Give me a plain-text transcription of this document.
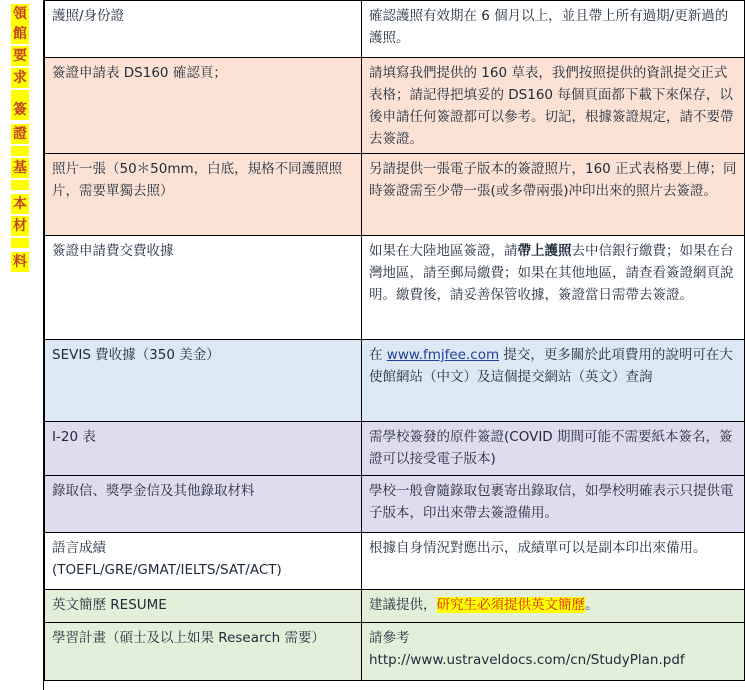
領
館
要
求
簽
證
基
本
材
料
護照/身份證	確認護照有效期在 6 個月以上，並且帶上所有過期/更新過的護照。
簽證申請表 DS160 確認頁；	請填寫我們提供的 160 草表，我們按照提供的資訊提交正式表格；請記得把填妥的 DS160 每個頁面都下載下來保存，以後申請任何簽證都可以參考。切記，根據簽證規定，請不要帶去簽證。
照片一張（50＊50mm，白底，規格不同護照照片，需要單獨去照）	另請提供一張電子版本的簽證照片，160 正式表格要上傳；同時簽證需至少帶一張(或多帶兩張)冲印出來的照片去簽證。
簽證申請費交費收據	如果在大陸地區簽證，請帶上護照去中信銀行繳費；如果在台灣地區，請至郵局繳費；如果在其他地區，請查看簽證網頁說明。繳費後，請妥善保管收據，簽證當日需帶去簽證。
SEVIS 費收據（350 美金）	在 www.fmjfee.com 提交，更多關於此項費用的說明可在大使館網站（中文）及這個提交網站（英文）查詢
I-20 表	需學校簽發的原件簽證(COVID 期間可能不需要紙本簽名，簽證可以接受電子版本)
錄取信、獎學金信及其他錄取材料	學校一般會隨錄取包裹寄出錄取信，如學校明確表示只提供電子版本，印出來帶去簽證備用。

語言成績
(TOEFL/GRE/GMAT/IELTS/SAT/ACT)	根據自身情況對應出示，成績單可以是副本印出來備用。
英文簡歷 RESUME	建議提供，研究生必須提供英文簡歷。
學習計畫（碩士及以上如果 Research 需要）	請參考
http://www.ustraveldocs.com/cn/StudyPlan.pdf
